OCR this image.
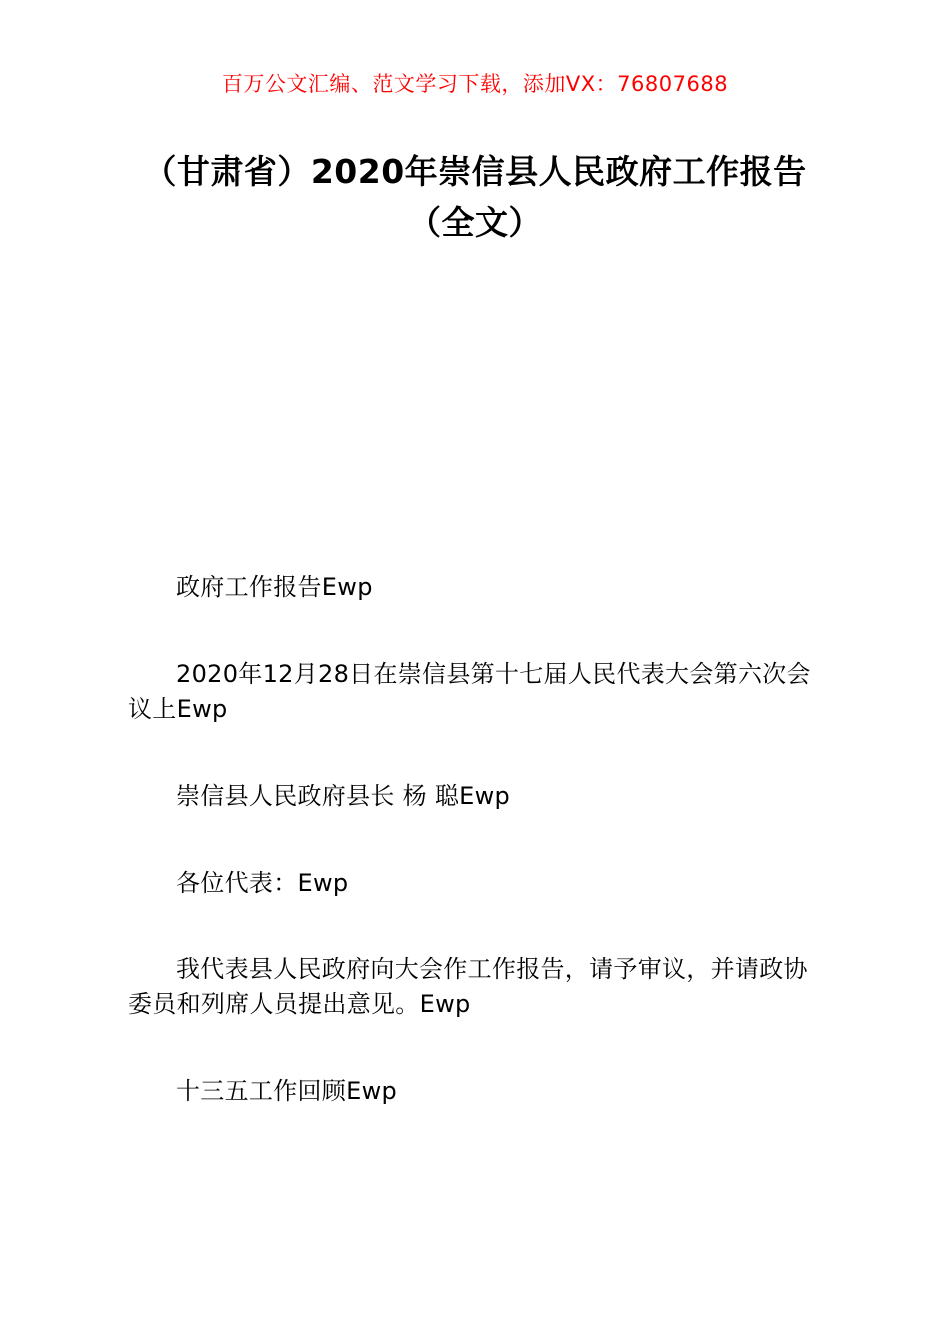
百万公文汇编、范文学习下载，添加VX：76807688
（甘肃省）2020年崇信县人民政府工作报告（全文）

政府工作报告Ewp

2020年12月28日在崇信县第十七届人民代表大会第六次会议上Ewp

崇信县人民政府县长 杨 聪Ewp

各位代表：Ewp

我代表县人民政府向大会作工作报告，请予审议，并请政协委员和列席人员提出意见。Ewp

十三五工作回顾Ewp
